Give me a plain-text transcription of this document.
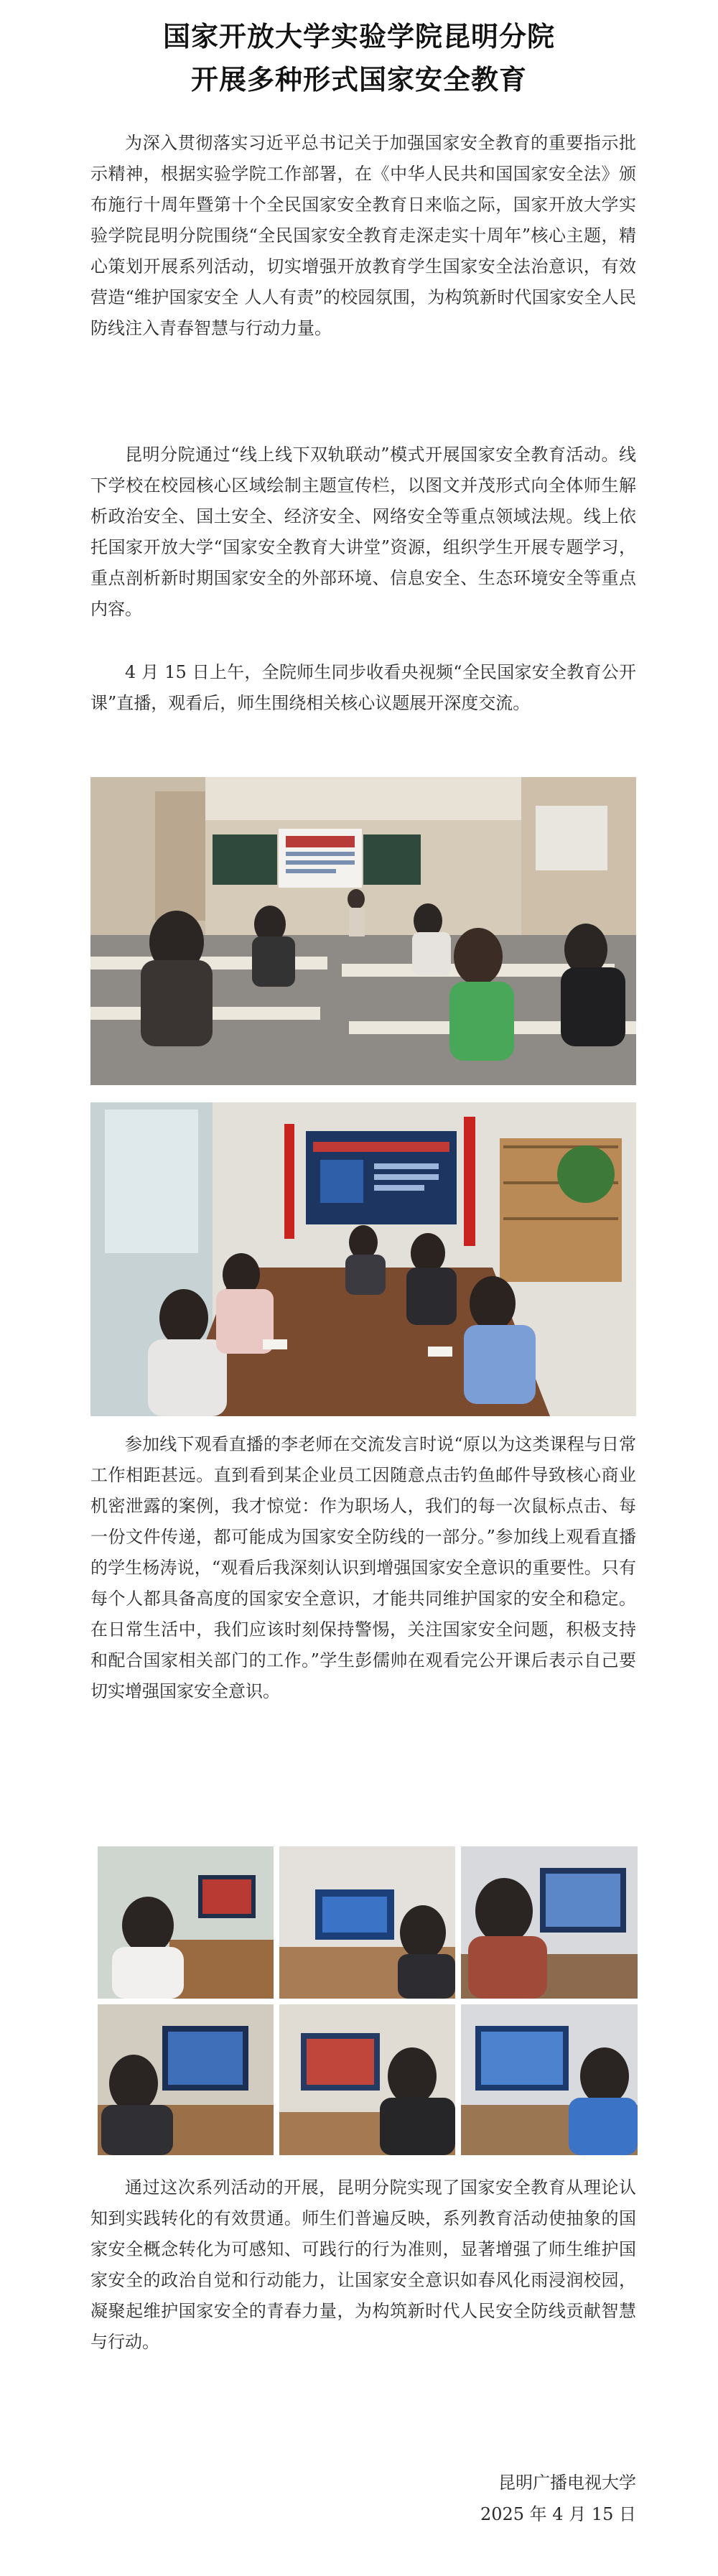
国家开放大学实验学院昆明分院
开展多种形式国家安全教育
为深入贯彻落实习近平总书记关于加强国家安全教育的重要指示批示精神，根据实验学院工作部署，在《中华人民共和国国家安全法》颁布施行十周年暨第十个全民国家安全教育日来临之际，国家开放大学实验学院昆明分院围绕“全民国家安全教育走深走实十周年”核心主题，精心策划开展系列活动，切实增强开放教育学生国家安全法治意识，有效营造“维护国家安全 人人有责”的校园氛围，为构筑新时代国家安全人民防线注入青春智慧与行动力量。
昆明分院通过“线上线下双轨联动”模式开展国家安全教育活动。线下学校在校园核心区域绘制主题宣传栏，以图文并茂形式向全体师生解析政治安全、国土安全、经济安全、网络安全等重点领域法规。线上依托国家开放大学“国家安全教育大讲堂”资源，组织学生开展专题学习，重点剖析新时期国家安全的外部环境、信息安全、生态环境安全等重点内容。
4 月 15 日上午，全院师生同步收看央视频“全民国家安全教育公开课”直播，观看后，师生围绕相关核心议题展开深度交流。
参加线下观看直播的李老师在交流发言时说“原以为这类课程与日常工作相距甚远。直到看到某企业员工因随意点击钓鱼邮件导致核心商业机密泄露的案例，我才惊觉：作为职场人，我们的每一次鼠标点击、每一份文件传递，都可能成为国家安全防线的一部分。”参加线上观看直播的学生杨涛说，“观看后我深刻认识到增强国家安全意识的重要性。只有每个人都具备高度的国家安全意识，才能共同维护国家的安全和稳定。在日常生活中，我们应该时刻保持警惕，关注国家安全问题，积极支持和配合国家相关部门的工作。”学生彭儒帅在观看完公开课后表示自己要切实增强国家安全意识。
通过这次系列活动的开展，昆明分院实现了国家安全教育从理论认知到实践转化的有效贯通。师生们普遍反映，系列教育活动使抽象的国家安全概念转化为可感知、可践行的行为准则，显著增强了师生维护国家安全的政治自觉和行动能力，让国家安全意识如春风化雨浸润校园，凝聚起维护国家安全的青春力量，为构筑新时代人民安全防线贡献智慧与行动。
昆明广播电视大学
2025 年 4 月 15 日
